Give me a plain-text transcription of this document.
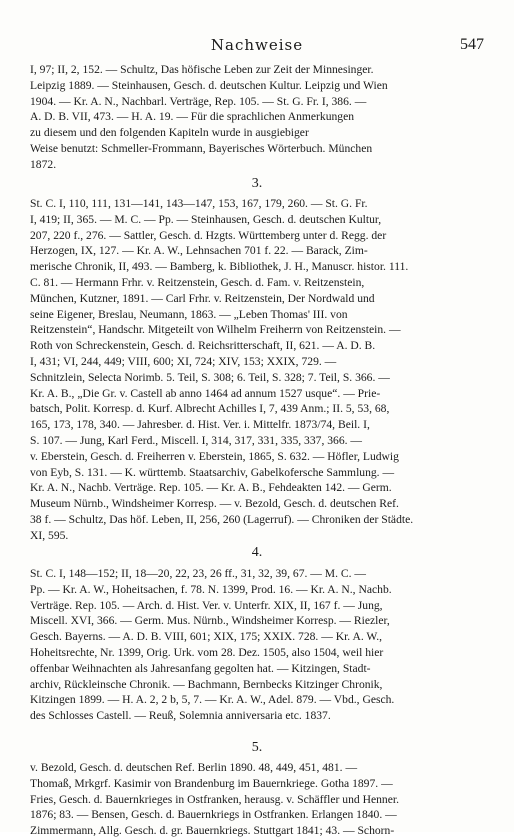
Nachweise	547
I, 97; II, 2, 152. — Schultz, Das höfische Leben zur Zeit der Minnesinger.
Leipzig 1889. — Steinhausen, Gesch. d. deutschen Kultur. Leipzig und Wien
1904. — Kr. A. N., Nachbarl. Verträge, Rep. 105. — St. G. Fr. I, 386. —
A. D. B. VII, 473. — H. A. 19. — Für die sprachlichen Anmerkungen
zu diesem und den folgenden Kapiteln wurde in ausgiebiger
Weise benutzt: Schmeller-Frommann, Bayerisches Wörterbuch. München
1872.
3.
St. C. I, 110, 111, 131—141, 143—147, 153, 167, 179, 260. — St. G. Fr.
I, 419; II, 365. — M. C. — Pp. — Steinhausen, Gesch. d. deutschen Kultur,
207, 220 f., 276. — Sattler, Gesch. d. Hzgts. Württemberg unter d. Regg. der
Herzogen, IX, 127. — Kr. A. W., Lehnsachen 701 f. 22. — Barack, Zim-
merische Chronik, II, 493. — Bamberg, k. Bibliothek, J. H., Manuscr. histor. 111.
C. 81. — Hermann Frhr. v. Reitzenstein, Gesch. d. Fam. v. Reitzenstein,
München, Kutzner, 1891. — Carl Frhr. v. Reitzenstein, Der Nordwald und
seine Eigener, Breslau, Neumann, 1863. — „Leben Thomas' III. von
Reitzenstein“, Handschr. Mitgeteilt von Wilhelm Freiherrn von Reitzenstein. —
Roth von Schreckenstein, Gesch. d. Reichsritterschaft, II, 621. — A. D. B.
I, 431; VI, 244, 449; VIII, 600; XI, 724; XIV, 153; XXIX, 729. —
Schnitzlein, Selecta Norimb. 5. Teil, S. 308; 6. Teil, S. 328; 7. Teil, S. 366. —
Kr. A. B., „Die Gr. v. Castell ab anno 1464 ad annum 1527 usque“. — Prie-
batsch, Polit. Korresp. d. Kurf. Albrecht Achilles I, 7, 439 Anm.; II. 5, 53, 68,
165, 173, 178, 340. — Jahresber. d. Hist. Ver. i. Mittelfr. 1873/74, Beil. I,
S. 107. — Jung, Karl Ferd., Miscell. I, 314, 317, 331, 335, 337, 366. —
v. Eberstein, Gesch. d. Freiherren v. Eberstein, 1865, S. 632. — Höfler, Ludwig
von Eyb, S. 131. — K. württemb. Staatsarchiv, Gabelkofersche Sammlung. —
Kr. A. N., Nachb. Verträge. Rep. 105. — Kr. A. B., Fehdeakten 142. — Germ.
Museum Nürnb., Windsheimer Korresp. — v. Bezold, Gesch. d. deutschen Ref.
38 f. — Schultz, Das höf. Leben, II, 256, 260 (Lagerruf). — Chroniken der Städte.
XI, 595.
4.
St. C. I, 148—152; II, 18—20, 22, 23, 26 ff., 31, 32, 39, 67. — M. C. —
Pp. — Kr. A. W., Hoheitsachen, f. 78. N. 1399, Prod. 16. — Kr. A. N., Nachb.
Verträge. Rep. 105. — Arch. d. Hist. Ver. v. Unterfr. XIX, II, 167 f. — Jung,
Miscell. XVI, 366. — Germ. Mus. Nürnb., Windsheimer Korresp. — Riezler,
Gesch. Bayerns. — A. D. B. VIII, 601; XIX, 175; XXIX. 728. — Kr. A. W.,
Hoheitsrechte, Nr. 1399, Orig. Urk. vom 28. Dez. 1505, also 1504, weil hier
offenbar Weihnachten als Jahresanfang gegolten hat. — Kitzingen, Stadt-
archiv, Rückleinsche Chronik. — Bachmann, Bernbecks Kitzinger Chronik,
Kitzingen 1899. — H. A. 2, 2 b, 5, 7. — Kr. A. W., Adel. 879. — Vbd., Gesch.
des Schlosses Castell. — Reuß, Solemnia anniversaria etc. 1837.
5.
v. Bezold, Gesch. d. deutschen Ref. Berlin 1890. 48, 449, 451, 481. —
Thomaß, Mrkgrf. Kasimir von Brandenburg im Bauernkriege. Gotha 1897. —
Fries, Gesch. d. Bauernkrieges in Ostfranken, herausg. v. Schäffler und Henner.
1876; 83. — Bensen, Gesch. d. Bauernkriegs in Ostfranken. Erlangen 1840. —
Zimmermann, Allg. Gesch. d. gr. Bauernkriegs. Stuttgart 1841; 43. — Schorn-
